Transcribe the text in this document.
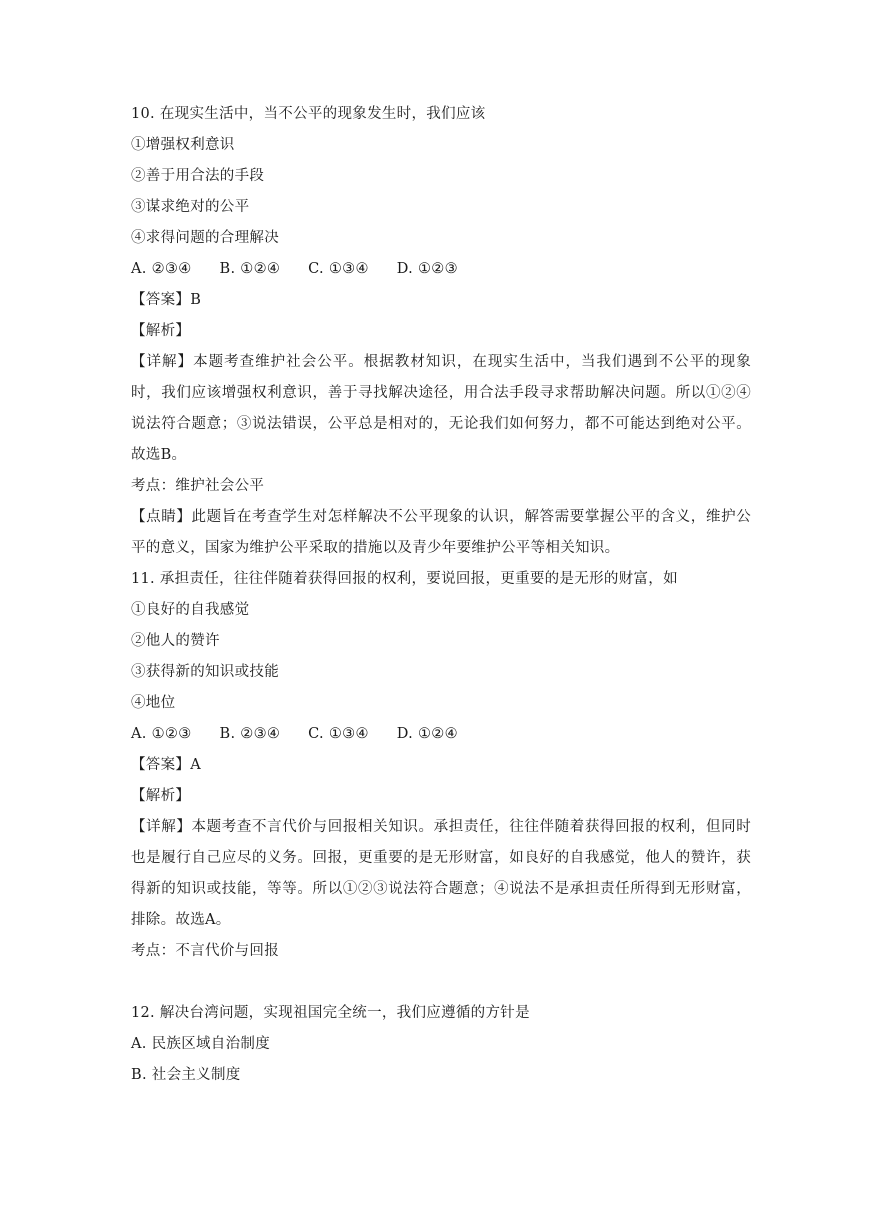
10. 在现实生活中，当不公平的现象发生时，我们应该
①增强权利意识
②善于用合法的手段
③谋求绝对的公平
④求得问题的合理解决
A. ②③④ B. ①②④ C. ①③④ D. ①②③
【答案】B
【解析】
【详解】本题考查维护社会公平。根据教材知识，在现实生活中，当我们遇到不公平的现象时，我们应该增强权利意识，善于寻找解决途径，用合法手段寻求帮助解决问题。所以①②④说法符合题意；③说法错误，公平总是相对的，无论我们如何努力，都不可能达到绝对公平。故选B。
考点：维护社会公平
【点睛】此题旨在考查学生对怎样解决不公平现象的认识，解答需要掌握公平的含义，维护公平的意义，国家为维护公平采取的措施以及青少年要维护公平等相关知识。
11. 承担责任，往往伴随着获得回报的权利，要说回报，更重要的是无形的财富，如
①良好的自我感觉
②他人的赞许
③获得新的知识或技能
④地位
A. ①②③ B. ②③④ C. ①③④ D. ①②④
【答案】A
【解析】
【详解】本题考查不言代价与回报相关知识。承担责任，往往伴随着获得回报的权利，但同时也是履行自己应尽的义务。回报，更重要的是无形财富，如良好的自我感觉，他人的赞许，获得新的知识或技能，等等。所以①②③说法符合题意；④说法不是承担责任所得到无形财富，排除。故选A。
考点：不言代价与回报
12. 解决台湾问题，实现祖国完全统一，我们应遵循的方针是
A. 民族区域自治制度
B. 社会主义制度
